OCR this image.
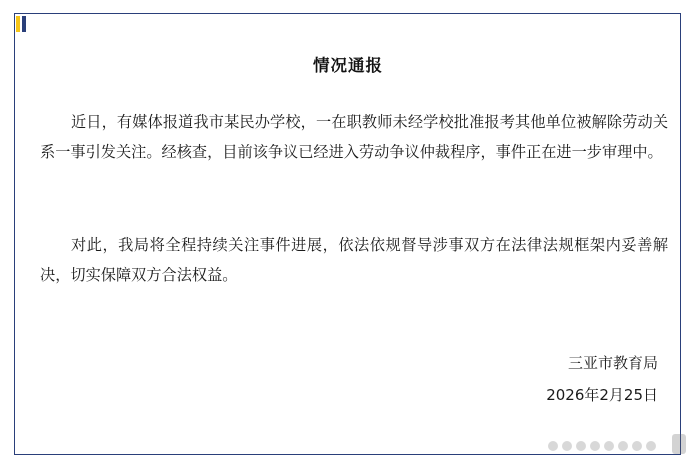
情况通报

近日，有媒体报道我市某民办学校，一在职教师未经学校批准报考其他单位被解除劳动关系一事引发关注。经核查，目前该争议已经进入劳动争议仲裁程序，事件正在进一步审理中。

对此，我局将全程持续关注事件进展，依法依规督导涉事双方在法律法规框架内妥善解决，切实保障双方合法权益。

三亚市教育局
2026年2月25日
